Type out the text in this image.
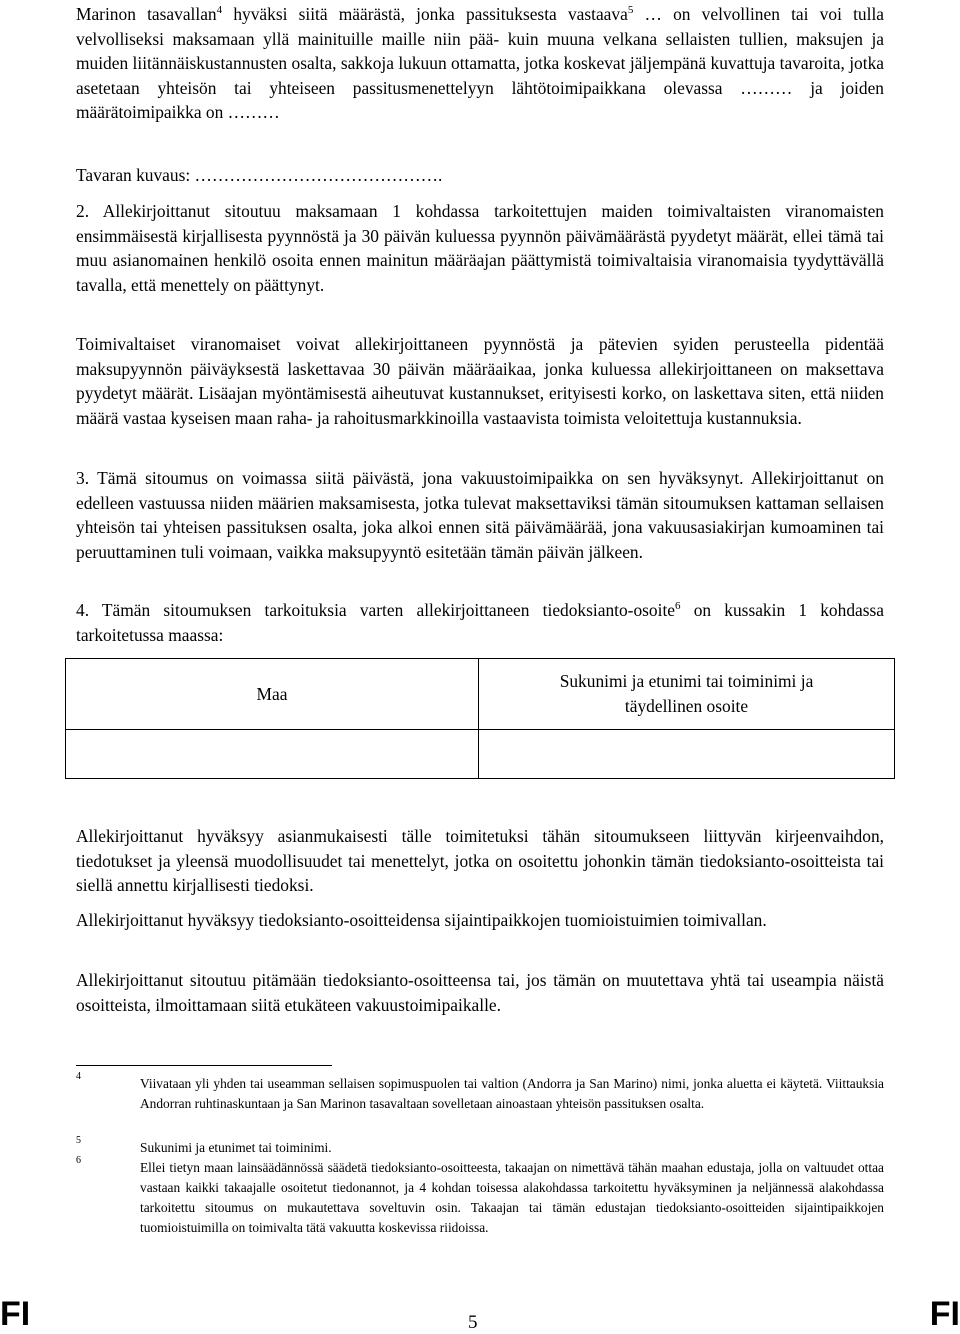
Marinon tasavallan$^4$ hyväksi siitä määrästä, jonka passituksesta vastaava$^5$ … on velvollinen tai voi tulla velvolliseksi maksamaan yllä mainituille maille niin pää- kuin muuna velkana sellaisten tullien, maksujen ja muiden liitännäiskustannusten osalta, sakkoja lukuun ottamatta, jotka koskevat jäljempänä kuvattuja tavaroita, jotka asetetaan yhteisön tai yhteiseen passitusmenettelyyn lähtötoimipaikkana olevassa ……… ja joiden määrätoimipaikka on ………

Tavaran kuvaus: …………………………………….

2. Allekirjoittanut sitoutuu maksamaan 1 kohdassa tarkoitettujen maiden toimivaltaisten viranomaisten ensimmäisestä kirjallisesta pyynnöstä ja 30 päivän kuluessa pyynnön päivämäärästä pyydetyt määrät, ellei tämä tai muu asianomainen henkilö osoita ennen mainitun määräajan päättymistä toimivaltaisia viranomaisia tyydyttävällä tavalla, että menettely on päättynyt.

Toimivaltaiset viranomaiset voivat allekirjoittaneen pyynnöstä ja pätevien syiden perusteella pidentää maksupyynnön päiväyksestä laskettavaa 30 päivän määräaikaa, jonka kuluessa allekirjoittaneen on maksettava pyydetyt määrät. Lisäajan myöntämisestä aiheutuvat kustannukset, erityisesti korko, on laskettava siten, että niiden määrä vastaa kyseisen maan raha- ja rahoitusmarkkinoilla vastaavista toimista veloitettuja kustannuksia.

3. Tämä sitoumus on voimassa siitä päivästä, jona vakuustoimipaikka on sen hyväksynyt. Allekirjoittanut on edelleen vastuussa niiden määrien maksamisesta, jotka tulevat maksettaviksi tämän sitoumuksen kattaman sellaisen yhteisön tai yhteisen passituksen osalta, joka alkoi ennen sitä päivämäärää, jona vakuusasiakirjan kumoaminen tai peruuttaminen tuli voimaan, vaikka maksupyyntö esitetään tämän päivän jälkeen.

4. Tämän sitoumuksen tarkoituksia varten allekirjoittaneen tiedoksianto-osoite$^6$ on kussakin 1 kohdassa tarkoitetussa maassa:

Maa	Sukunimi ja etunimi tai toiminimi ja täydellinen osoite

Allekirjoittanut hyväksyy asianmukaisesti tälle toimitetuksi tähän sitoumukseen liittyvän kirjeenvaihdon, tiedotukset ja yleensä muodollisuudet tai menettelyt, jotka on osoitettu johonkin tämän tiedoksianto-osoitteista tai siellä annettu kirjallisesti tiedoksi.

Allekirjoittanut hyväksyy tiedoksianto-osoitteidensa sijaintipaikkojen tuomioistuimien toimivallan.

Allekirjoittanut sitoutuu pitämään tiedoksianto-osoitteensa tai, jos tämän on muutettava yhtä tai useampia näistä osoitteista, ilmoittamaan siitä etukäteen vakuustoimipaikalle.

4	Viivataan yli yhden tai useamman sellaisen sopimuspuolen tai valtion (Andorra ja San Marino) nimi, jonka aluetta ei käytetä. Viittauksia Andorran ruhtinaskuntaan ja San Marinon tasavaltaan sovelletaan ainoastaan yhteisön passituksen osalta.
5	Sukunimi ja etunimet tai toiminimi.
6	Ellei tietyn maan lainsäädännössä säädetä tiedoksianto-osoitteesta, takaajan on nimettävä tähän maahan edustaja, jolla on valtuudet ottaa vastaan kaikki takaajalle osoitetut tiedonannot, ja 4 kohdan toisessa alakohdassa tarkoitettu hyväksyminen ja neljännessä alakohdassa tarkoitettu sitoumus on mukautettava soveltuvin osin. Takaajan tai tämän edustajan tiedoksianto-osoitteiden sijaintipaikkojen tuomioistuimilla on toimivalta tätä vakuutta koskevissa riidoissa.
FI	5	FI
